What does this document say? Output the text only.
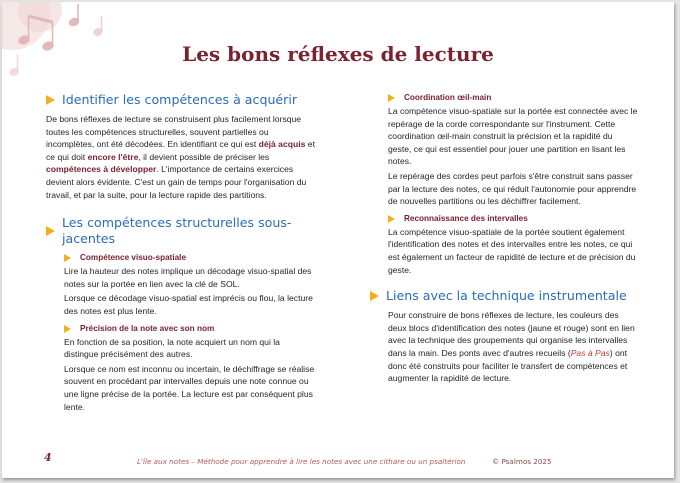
Les bons réflexes de lecture
Identifier les compétences à acquérir

De bons réflexes de lecture se construisent plus facilement lorsque toutes les compétences structurelles, souvent partielles ou incomplètes, ont été décodées. En identifiant ce qui est déjà acquis et ce qui doit encore l'être, il devient possible de préciser les compétences à développer. L'importance de certains exercices devient alors évidente. C'est un gain de temps pour l'organisation du travail, et par la suite, pour la lecture rapide des partitions.

Les compétences structurelles sous-jacentes
Compétence visuo-spatiale

Lire la hauteur des notes implique un décodage visuo-spatial des notes sur la portée en lien avec la clé de SOL.

Lorsque ce décodage visuo-spatial est imprécis ou flou, la lecture des notes est plus lente.

Précision de la note avec son nom

En fonction de sa position, la note acquiert un nom qui la distingue précisément des autres.

Lorsque ce nom est inconnu ou incertain, le déchiffrage se réalise souvent en procédant par intervalles depuis une note connue ou une ligne précise de la portée. La lecture est par conséquent plus lente.

Coordination œil-main

La compétence visuo-spatiale sur la portée est connectée avec le repérage de la corde correspondante sur l'instrument. Cette coordination œil-main construit la précision et la rapidité du geste, ce qui est essentiel pour jouer une partition en lisant les notes.

Le repérage des cordes peut parfois s'être construit sans passer par la lecture des notes, ce qui réduit l'autonomie pour apprendre de nouvelles partitions ou les déchiffrer facilement.

Reconnaissance des intervalles

La compétence visuo-spatiale de la portée soutient également l'identification des notes et des intervalles entre les notes, ce qui est également un facteur de rapidité de lecture et de précision du geste.

Liens avec la technique instrumentale

Pour construire de bons réflexes de lecture, les couleurs des deux blocs d'identification des notes (jaune et rouge) sont en lien avec la technique des groupements qui organise les intervalles dans la main. Des ponts avec d'autres recueils (Pas à Pas) ont donc été construits pour faciliter le transfert de compétences et augmenter la rapidité de lecture.

4	L'île aux notes – Méthode pour apprendre à lire les notes avec une cithare ou un psaltérion	© Psalmos 2025
